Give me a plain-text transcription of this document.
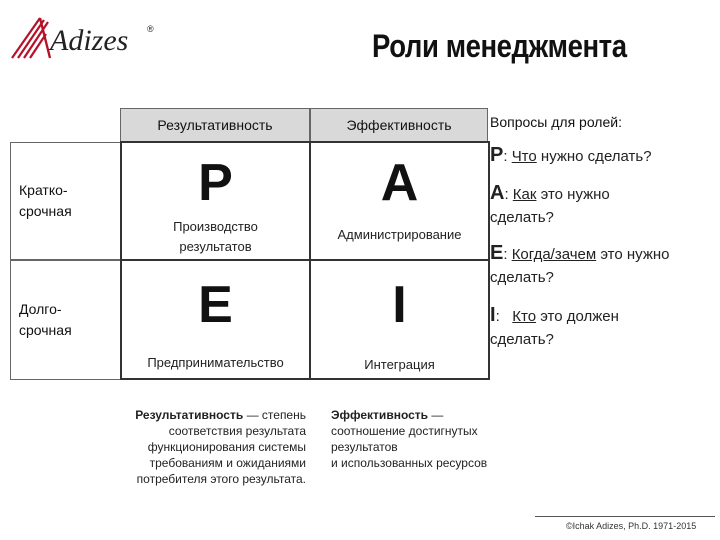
Adizes ®	Роли менеджмента
Результативность	Эффективность
Кратко-
срочная
Долго-
срочная
P
Производство
результатов
A
Администрирование
E
Предпринимательство
I
Интеграция
Вопросы для ролей:
P: Что нужно сделать?
A: Как это нужно
сделать?
E: Когда/зачем это нужно
сделать?
I: Кто это должен
сделать?
Результативность — степень
соответствия результата
функционирования системы
требованиям и ожиданиями
потребителя этого результата.
Эффективность —
соотношение достигнутых
результатов
и использованных ресурсов
©Ichak Adizes, Ph.D. 1971-2015
